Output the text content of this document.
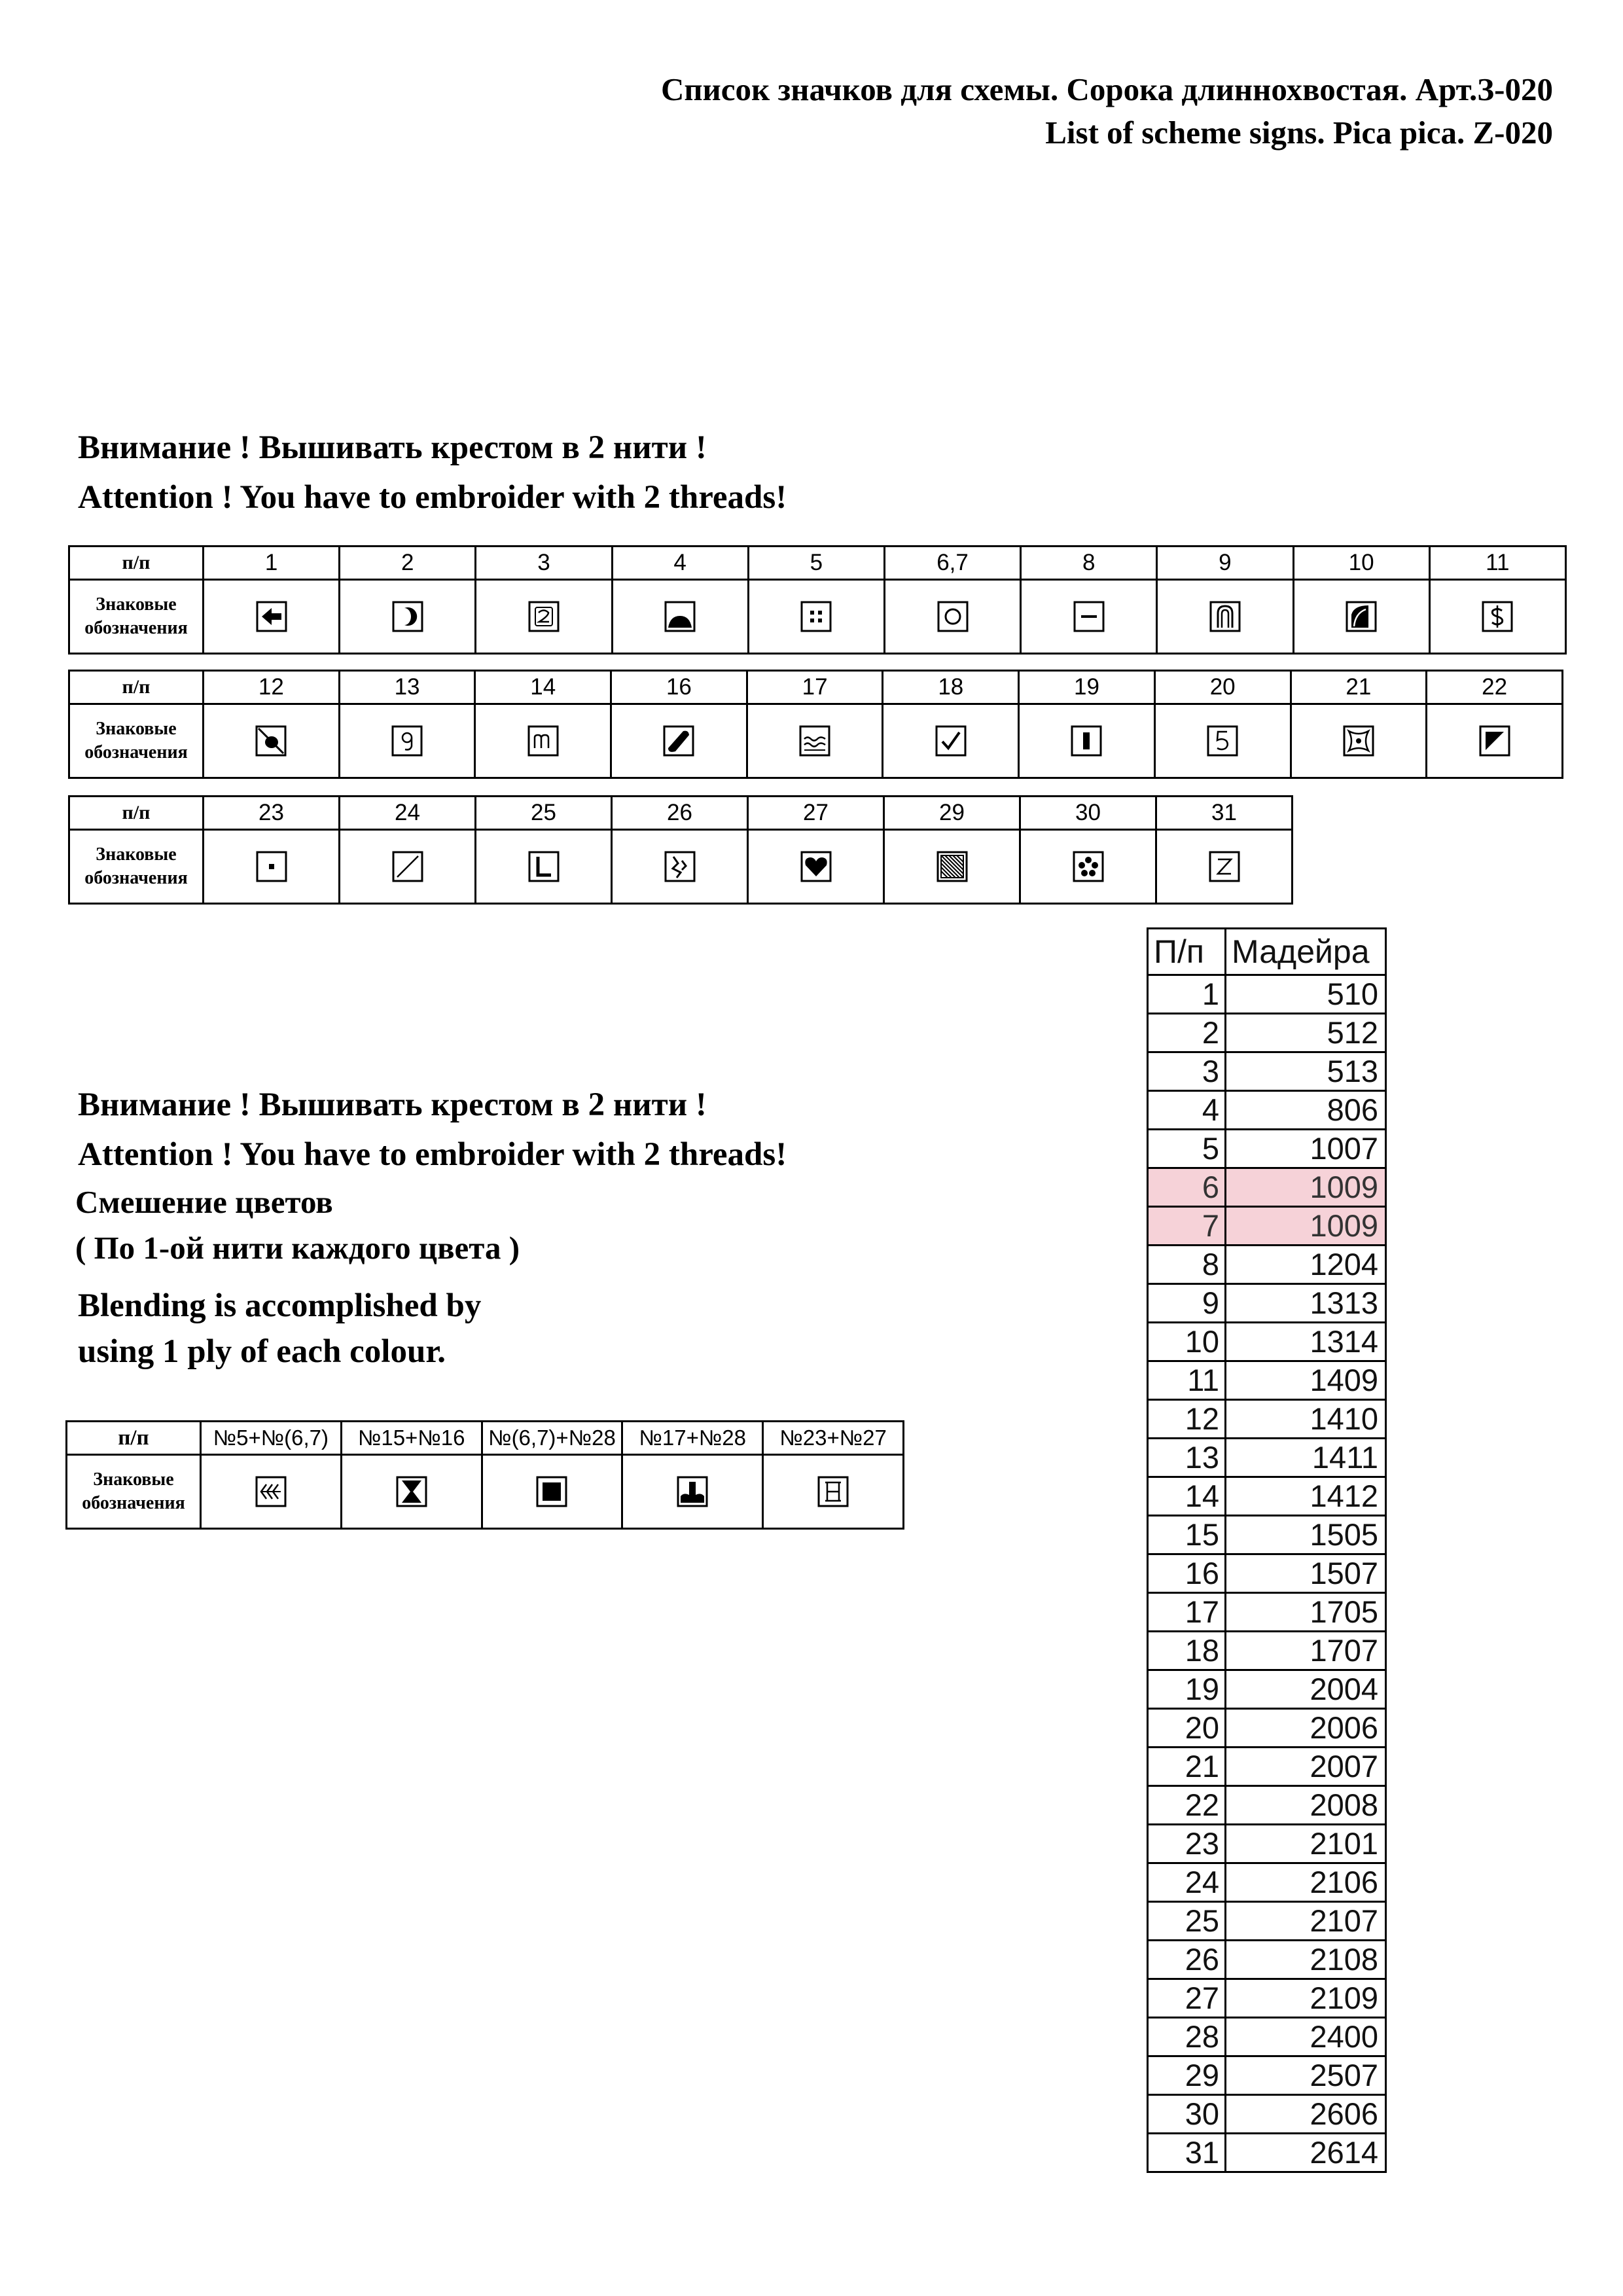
Список значков для схемы. Сорока длиннохвостая. Арт.З-020
List of scheme signs. Pica pica. Z-020
Внимание ! Вышивать крестом в 2 нити !
Attention ! You have to embroider with 2 threads!
п/п	1	2	3	4	5	6,7	8	9	10	11
Знаковые
обозначения	

п/п	12	13	14	16	17	18	19	20	21	22
Знаковые
обозначения	

п/п	23	24	25	26	27	29	30	31
Знаковые
обозначения	

Внимание ! Вышивать крестом в 2 нити !
Attention ! You have to embroider with 2 threads!
Смешение цветов
( По 1-ой нити каждого цвета )
Blending is accomplished by
using 1 ply of each colour.
п/п	№5+№(6,7)	№15+№16	№(6,7)+№28	№17+№28	№23+№27
Знаковые
обозначения	

П/п	Мадейра
1	510
2	512
3	513
4	806
5	1007
6	1009
7	1009
8	1204
9	1313
10	1314
11	1409
12	1410
13	1411
14	1412
15	1505
16	1507
17	1705
18	1707
19	2004
20	2006
21	2007
22	2008
23	2101
24	2106
25	2107
26	2108
27	2109
28	2400
29	2507
30	2606
31	2614
